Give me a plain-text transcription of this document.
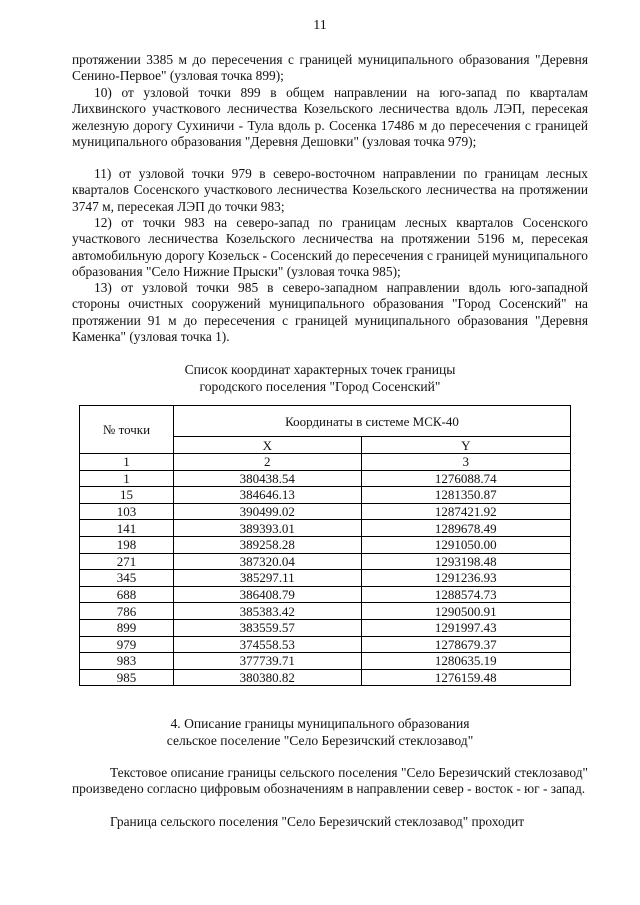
11
протяжении 3385 м до пересечения с границей муниципального образования "Деревня Сенино-Первое" (узловая точка 899);
10) от узловой точки 899 в общем направлении на юго-запад по кварталам Лихвинского участкового лесничества Козельского лесничества вдоль ЛЭП, пересекая железную дорогу Сухиничи - Тула вдоль р. Сосенка 17486 м до пересечения с границей муниципального образования "Деревня Дешовки" (узловая точка 979);
11) от узловой точки 979 в северо-восточном направлении по границам лесных кварталов Сосенского участкового лесничества Козельского лесничества на протяжении 3747 м, пересекая ЛЭП до точки 983;
12) от точки 983 на северо-запад по границам лесных кварталов Сосенского участкового лесничества Козельского лесничества на протяжении 5196 м, пересекая автомобильную дорогу Козельск - Сосенский до пересечения с границей муниципального образования "Село Нижние Прыски" (узловая точка 985);
13) от узловой точки 985 в северо-западном направлении вдоль юго-западной стороны очистных сооружений муниципального образования "Город Сосенский" на протяжении 91 м до пересечения с границей муниципального образования "Деревня Каменка" (узловая точка 1).
Список координат характерных точек границы
городского поселения "Город Сосенский"
№ точки	Координаты в системе МСК-40	
	X	Y
1	2	3
1	380438.54	1276088.74
15	384646.13	1281350.87
103	390499.02	1287421.92
141	389393.01	1289678.49
198	389258.28	1291050.00
271	387320.04	1293198.48
345	385297.11	1291236.93
688	386408.79	1288574.73
786	385383.42	1290500.91
899	383559.57	1291997.43
979	374558.53	1278679.37
983	377739.71	1280635.19
985	380380.82	1276159.48
4. Описание границы муниципального образования
сельское поселение "Село Березичский стеклозавод"
Текстовое описание границы сельского поселения "Село Березичский стеклозавод" произведено согласно цифровым обозначениям в направлении север - восток - юг - запад.
Граница сельского поселения "Село Березичский стеклозавод" проходит
